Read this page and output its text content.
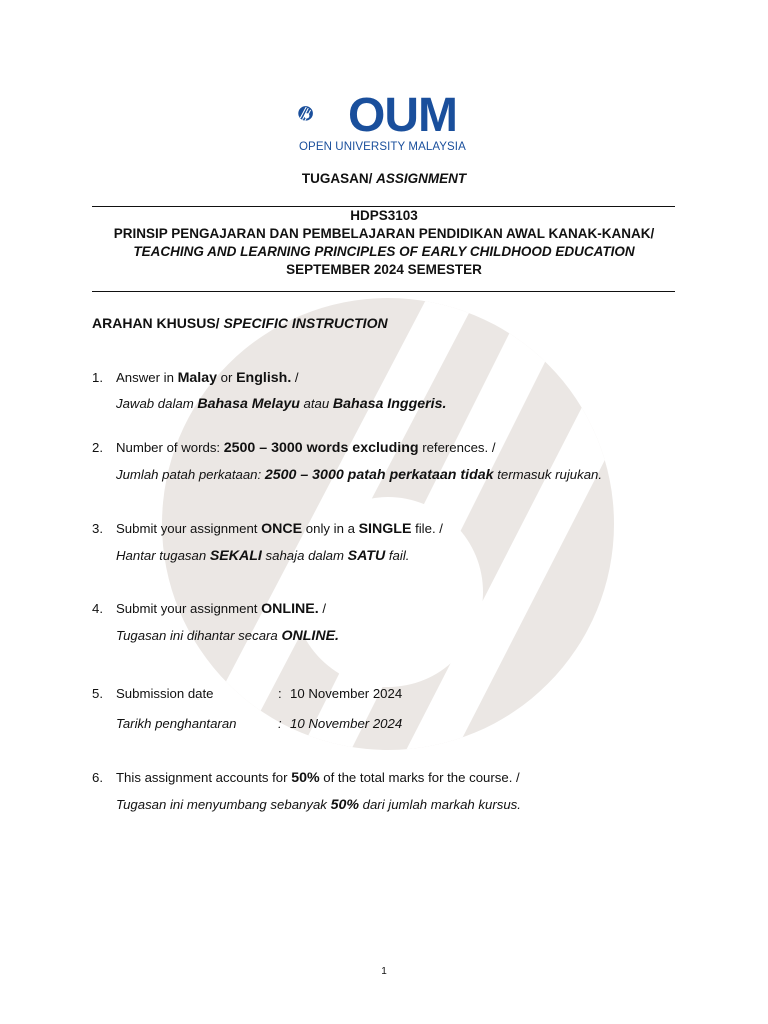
OUM
OPEN UNIVERSITY MALAYSIA
TUGASAN/ ASSIGNMENT
HDPS3103
PRINSIP PENGAJARAN DAN PEMBELAJARAN PENDIDIKAN AWAL KANAK-KANAK/
TEACHING AND LEARNING PRINCIPLES OF EARLY CHILDHOOD EDUCATION
SEPTEMBER 2024 SEMESTER
ARAHAN KHUSUS/ SPECIFIC INSTRUCTION
1. Answer in Malay or English. /
Jawab dalam Bahasa Melayu atau Bahasa Inggeris.
2. Number of words: 2500 – 3000 words excluding references. /
Jumlah patah perkataan: 2500 – 3000 patah perkataan tidak termasuk rujukan.
3. Submit your assignment ONCE only in a SINGLE file. /
Hantar tugasan SEKALI sahaja dalam SATU fail.
4. Submit your assignment ONLINE. /
Tugasan ini dihantar secara ONLINE.
5. Submission date	: 10 November 2024
Tarikh penghantaran	: 10 November 2024
6. This assignment accounts for 50% of the total marks for the course. /
Tugasan ini menyumbang sebanyak 50% dari jumlah markah kursus.
1
